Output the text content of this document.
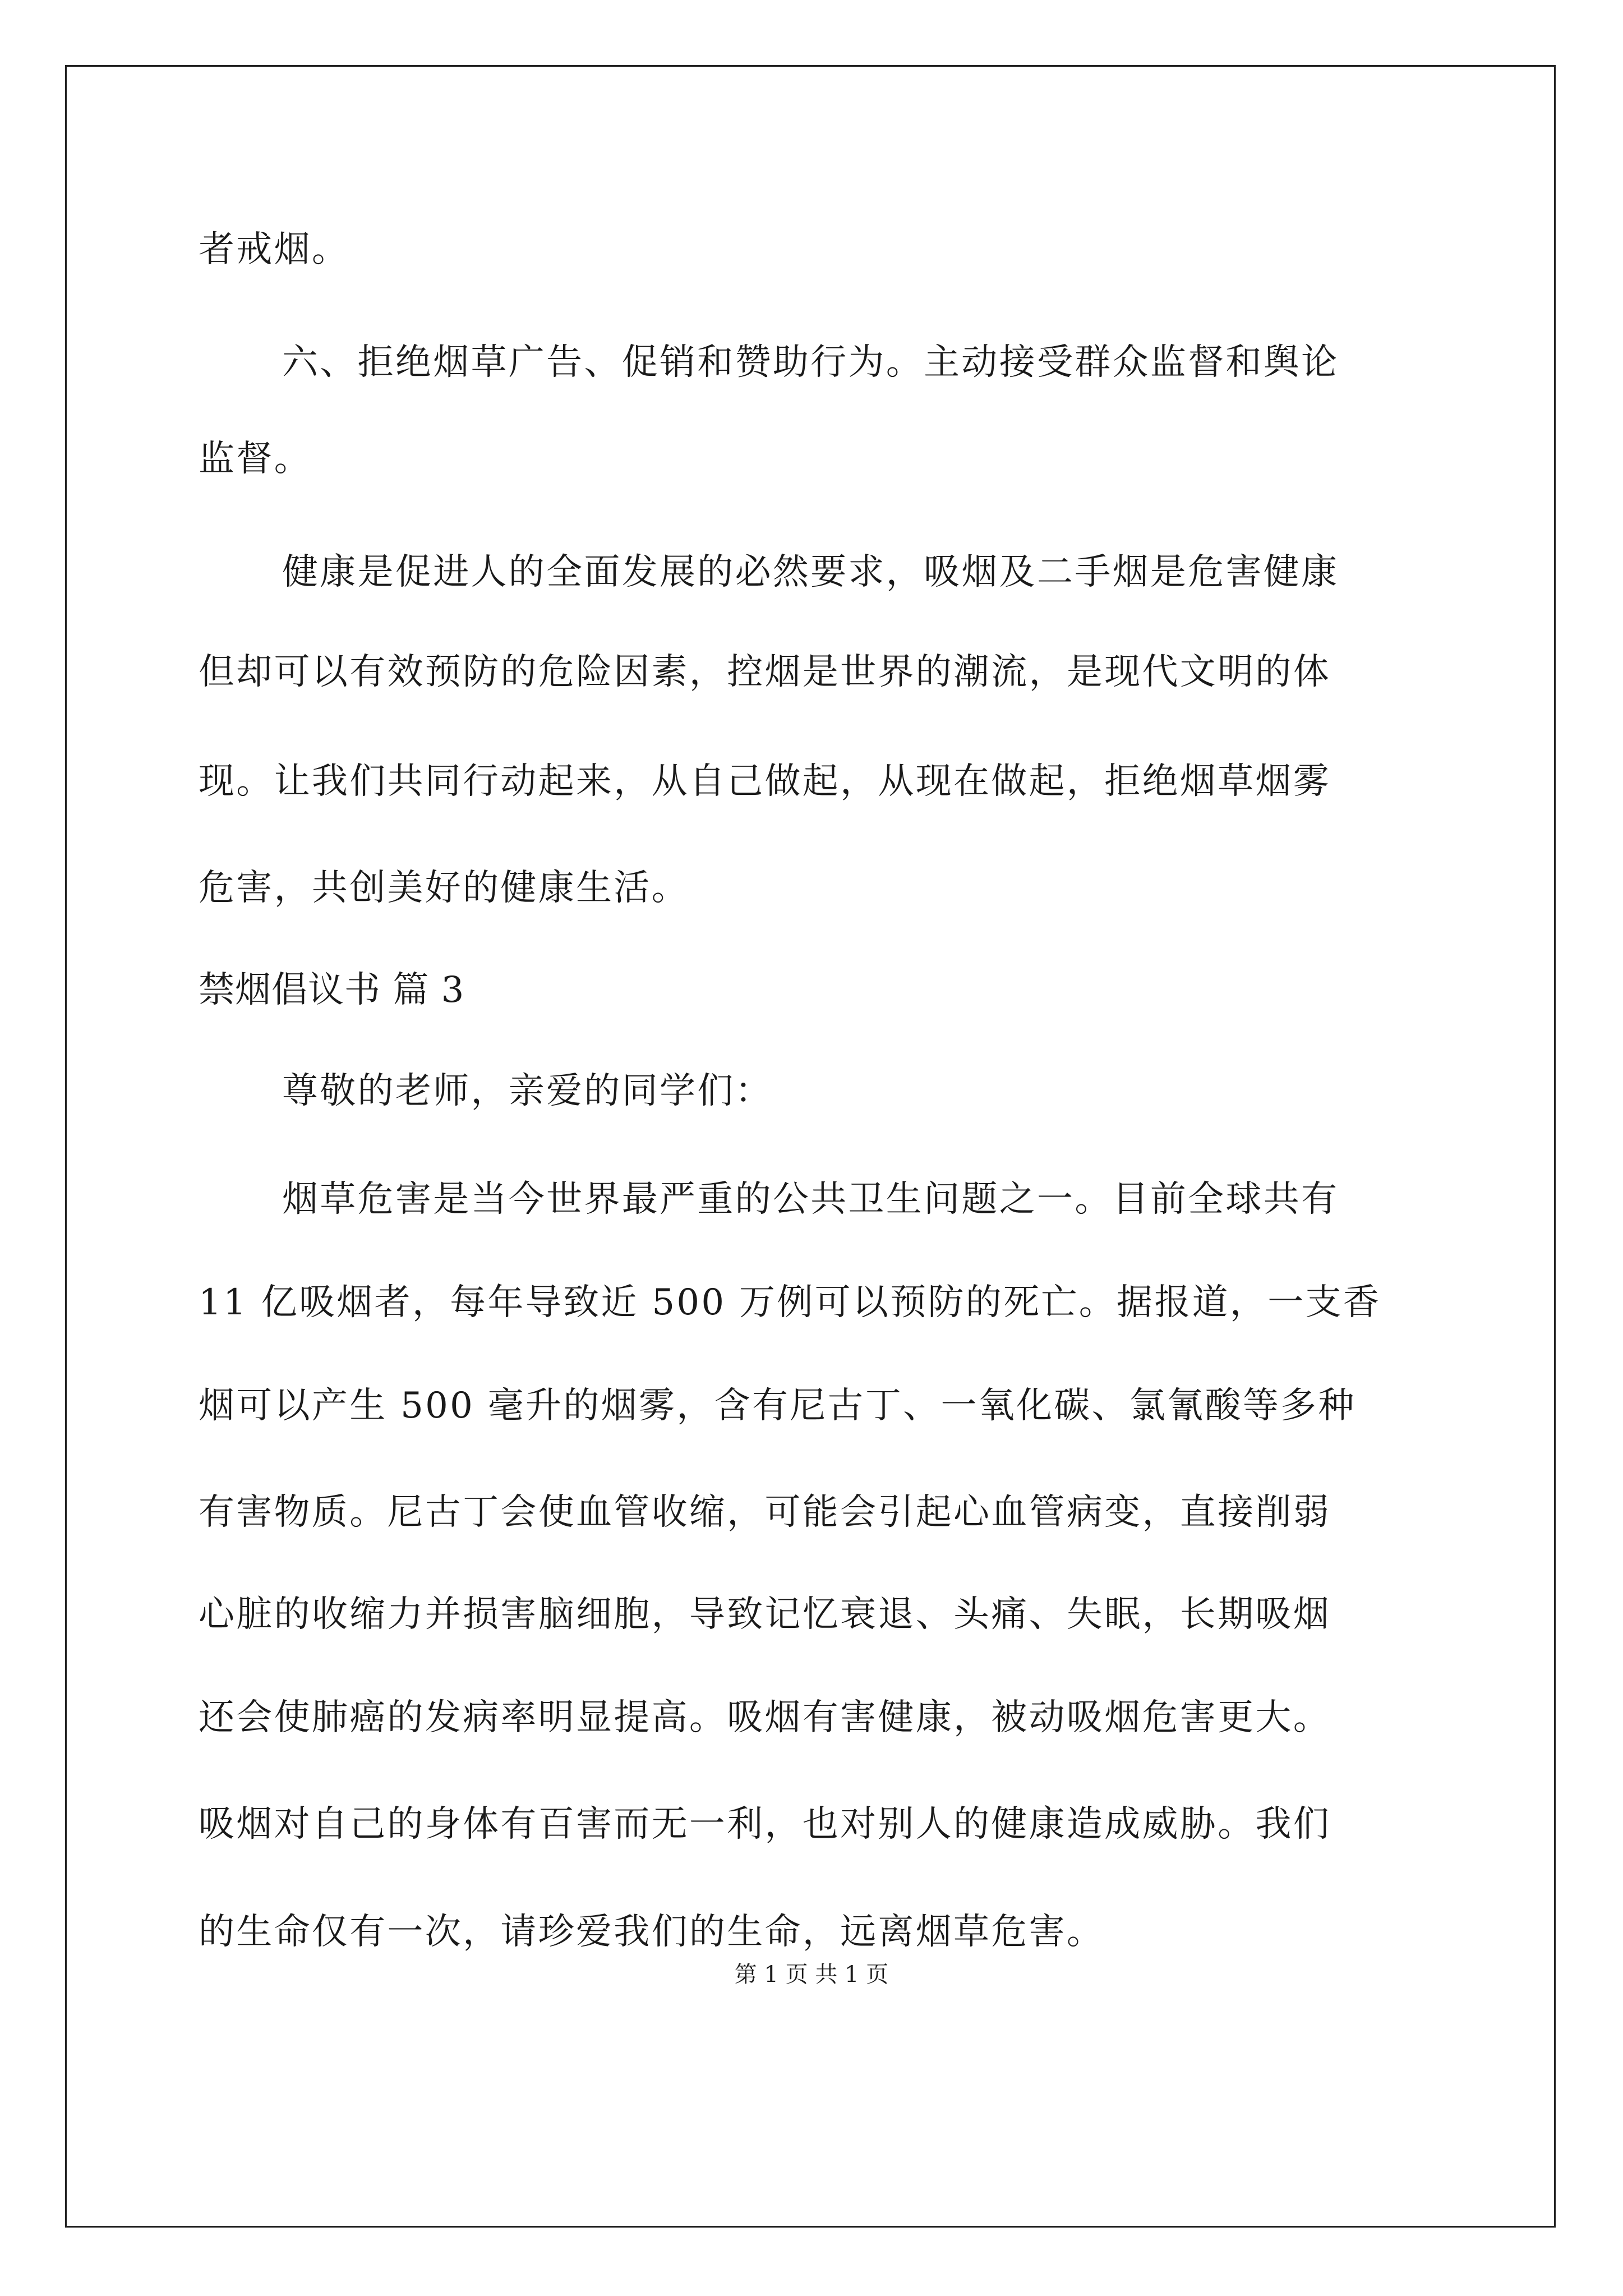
者戒烟。
六、拒绝烟草广告、促销和赞助行为。主动接受群众监督和舆论
监督。
健康是促进人的全面发展的必然要求，吸烟及二手烟是危害健康
但却可以有效预防的危险因素，控烟是世界的潮流，是现代文明的体
现。让我们共同行动起来，从自己做起，从现在做起，拒绝烟草烟雾
危害，共创美好的健康生活。
禁烟倡议书 篇 3
尊敬的老师，亲爱的同学们：
烟草危害是当今世界最严重的公共卫生问题之一。目前全球共有
11 亿吸烟者，每年导致近 500 万例可以预防的死亡。据报道，一支香
烟可以产生 500 毫升的烟雾，含有尼古丁、一氧化碳、氯氰酸等多种
有害物质。尼古丁会使血管收缩，可能会引起心血管病变，直接削弱
心脏的收缩力并损害脑细胞，导致记忆衰退、头痛、失眠，长期吸烟
还会使肺癌的发病率明显提高。吸烟有害健康，被动吸烟危害更大。
吸烟对自己的身体有百害而无一利，也对别人的健康造成威胁。我们
的生命仅有一次，请珍爱我们的生命，远离烟草危害。
第 1 页 共 1 页
